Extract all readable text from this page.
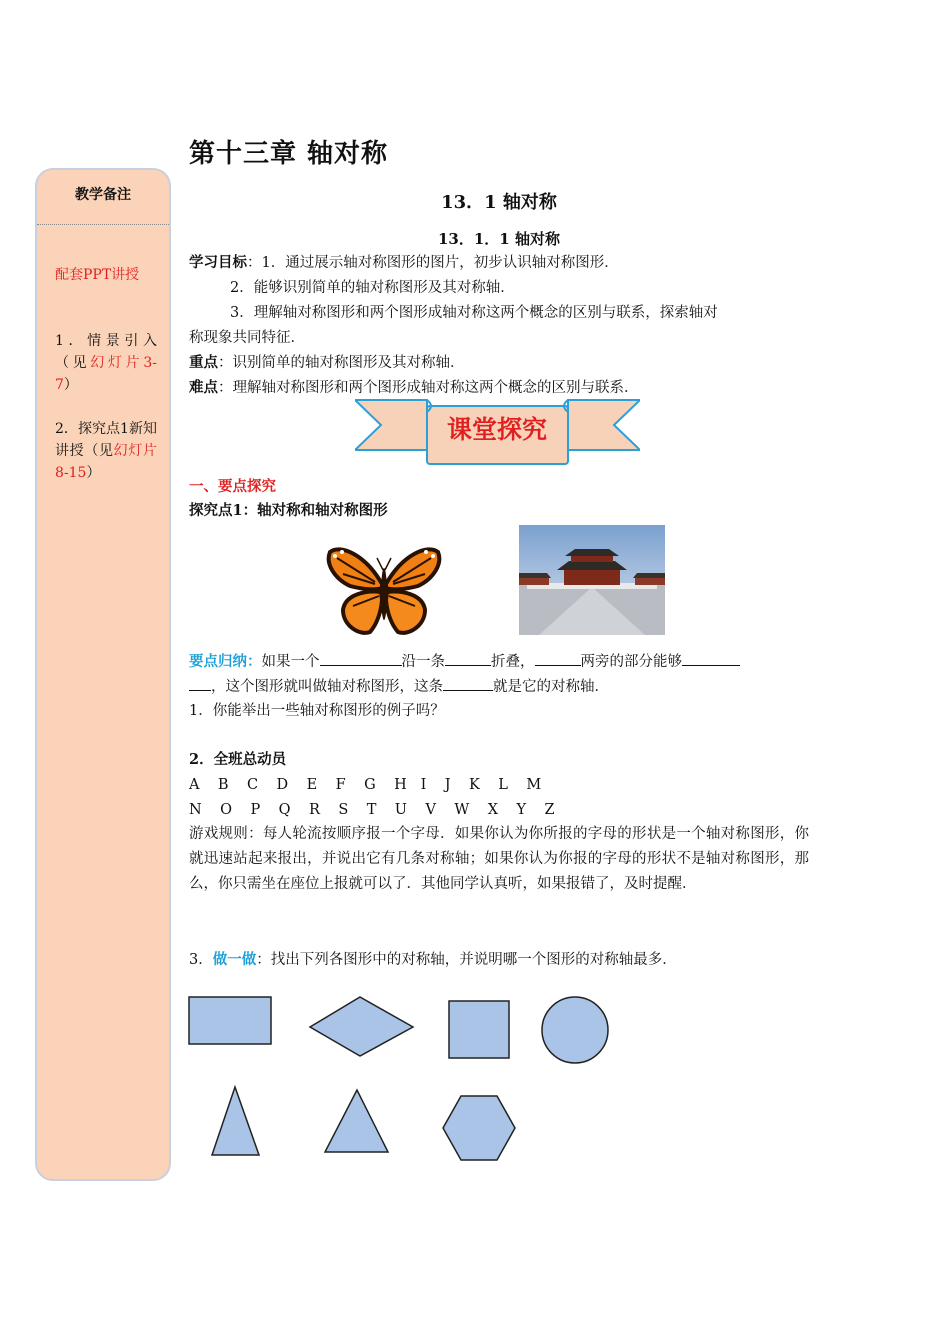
教学备注
配套PPT讲授
1．情景引入（见幻灯片3-7）
2．探究点1新知讲授（见幻灯片8-15）
第十三章 轴对称
13．1 轴对称
13．1．1 轴对称
学习目标：1．通过展示轴对称图形的图片，初步认识轴对称图形．
2．能够识别简单的轴对称图形及其对称轴．
3．理解轴对称图形和两个图形成轴对称这两个概念的区别与联系，探索轴对
称现象共同特征．
重点：识别简单的轴对称图形及其对称轴．
难点：理解轴对称图形和两个图形成轴对称这两个概念的区别与联系．
课堂探究
一、要点探究
探究点1：轴对称和轴对称图形
要点归纳：如果一个	沿一条	折叠，	两旁的部分能够
，这个图形就叫做轴对称图形，这条	就是它的对称轴．
1．你能举出一些轴对称图形的例子吗？
2．全班总动员
A    B    C    D    E    F    G    H   I    J    K    L    M
N    O    P    Q    R    S    T    U    V    W    X    Y    Z
游戏规则：每人轮流按顺序报一个字母．如果你认为你所报的字母的形状是一个轴对称图形，你就迅速站起来报出，并说出它有几条对称轴；如果你认为你报的字母的形状不是轴对称图形，那么，你只需坐在座位上报就可以了．其他同学认真听，如果报错了，及时提醒．
3．做一做：找出下列各图形中的对称轴，并说明哪一个图形的对称轴最多．
